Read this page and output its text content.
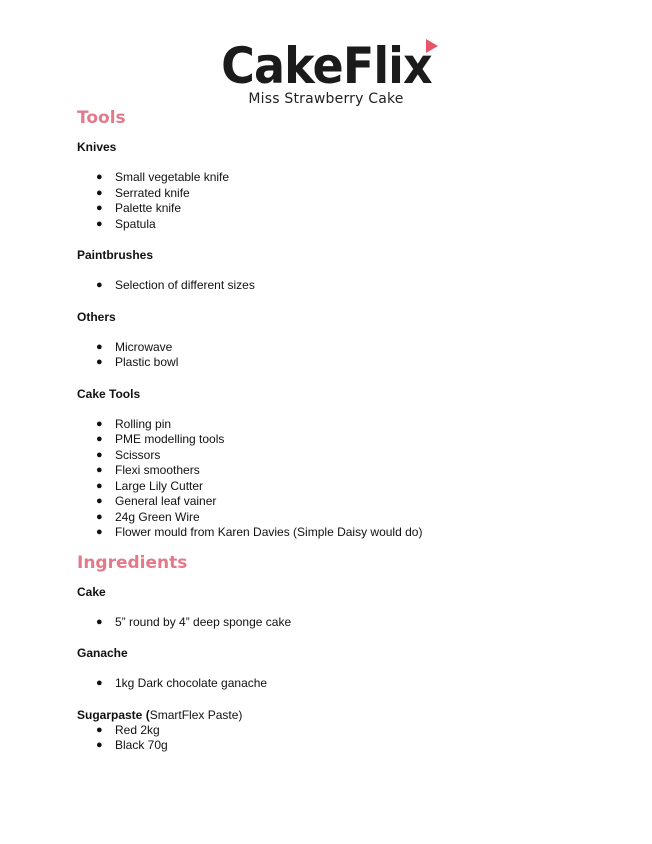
CakeFlix
Miss Strawberry Cake
Tools

Knives

● Small vegetable knife
● Serrated knife
● Palette knife
● Spatula

Paintbrushes

● Selection of different sizes

Others

● Microwave
● Plastic bowl

Cake Tools

● Rolling pin
● PME modelling tools
● Scissors
● Flexi smoothers
● Large Lily Cutter
● General leaf vainer
● 24g Green Wire
● Flower mould from Karen Davies (Simple Daisy would do)
Ingredients

Cake

● 5” round by 4” deep sponge cake

Ganache

● 1kg Dark chocolate ganache

Sugarpaste (SmartFlex Paste)

● Red 2kg
● Black 70g
